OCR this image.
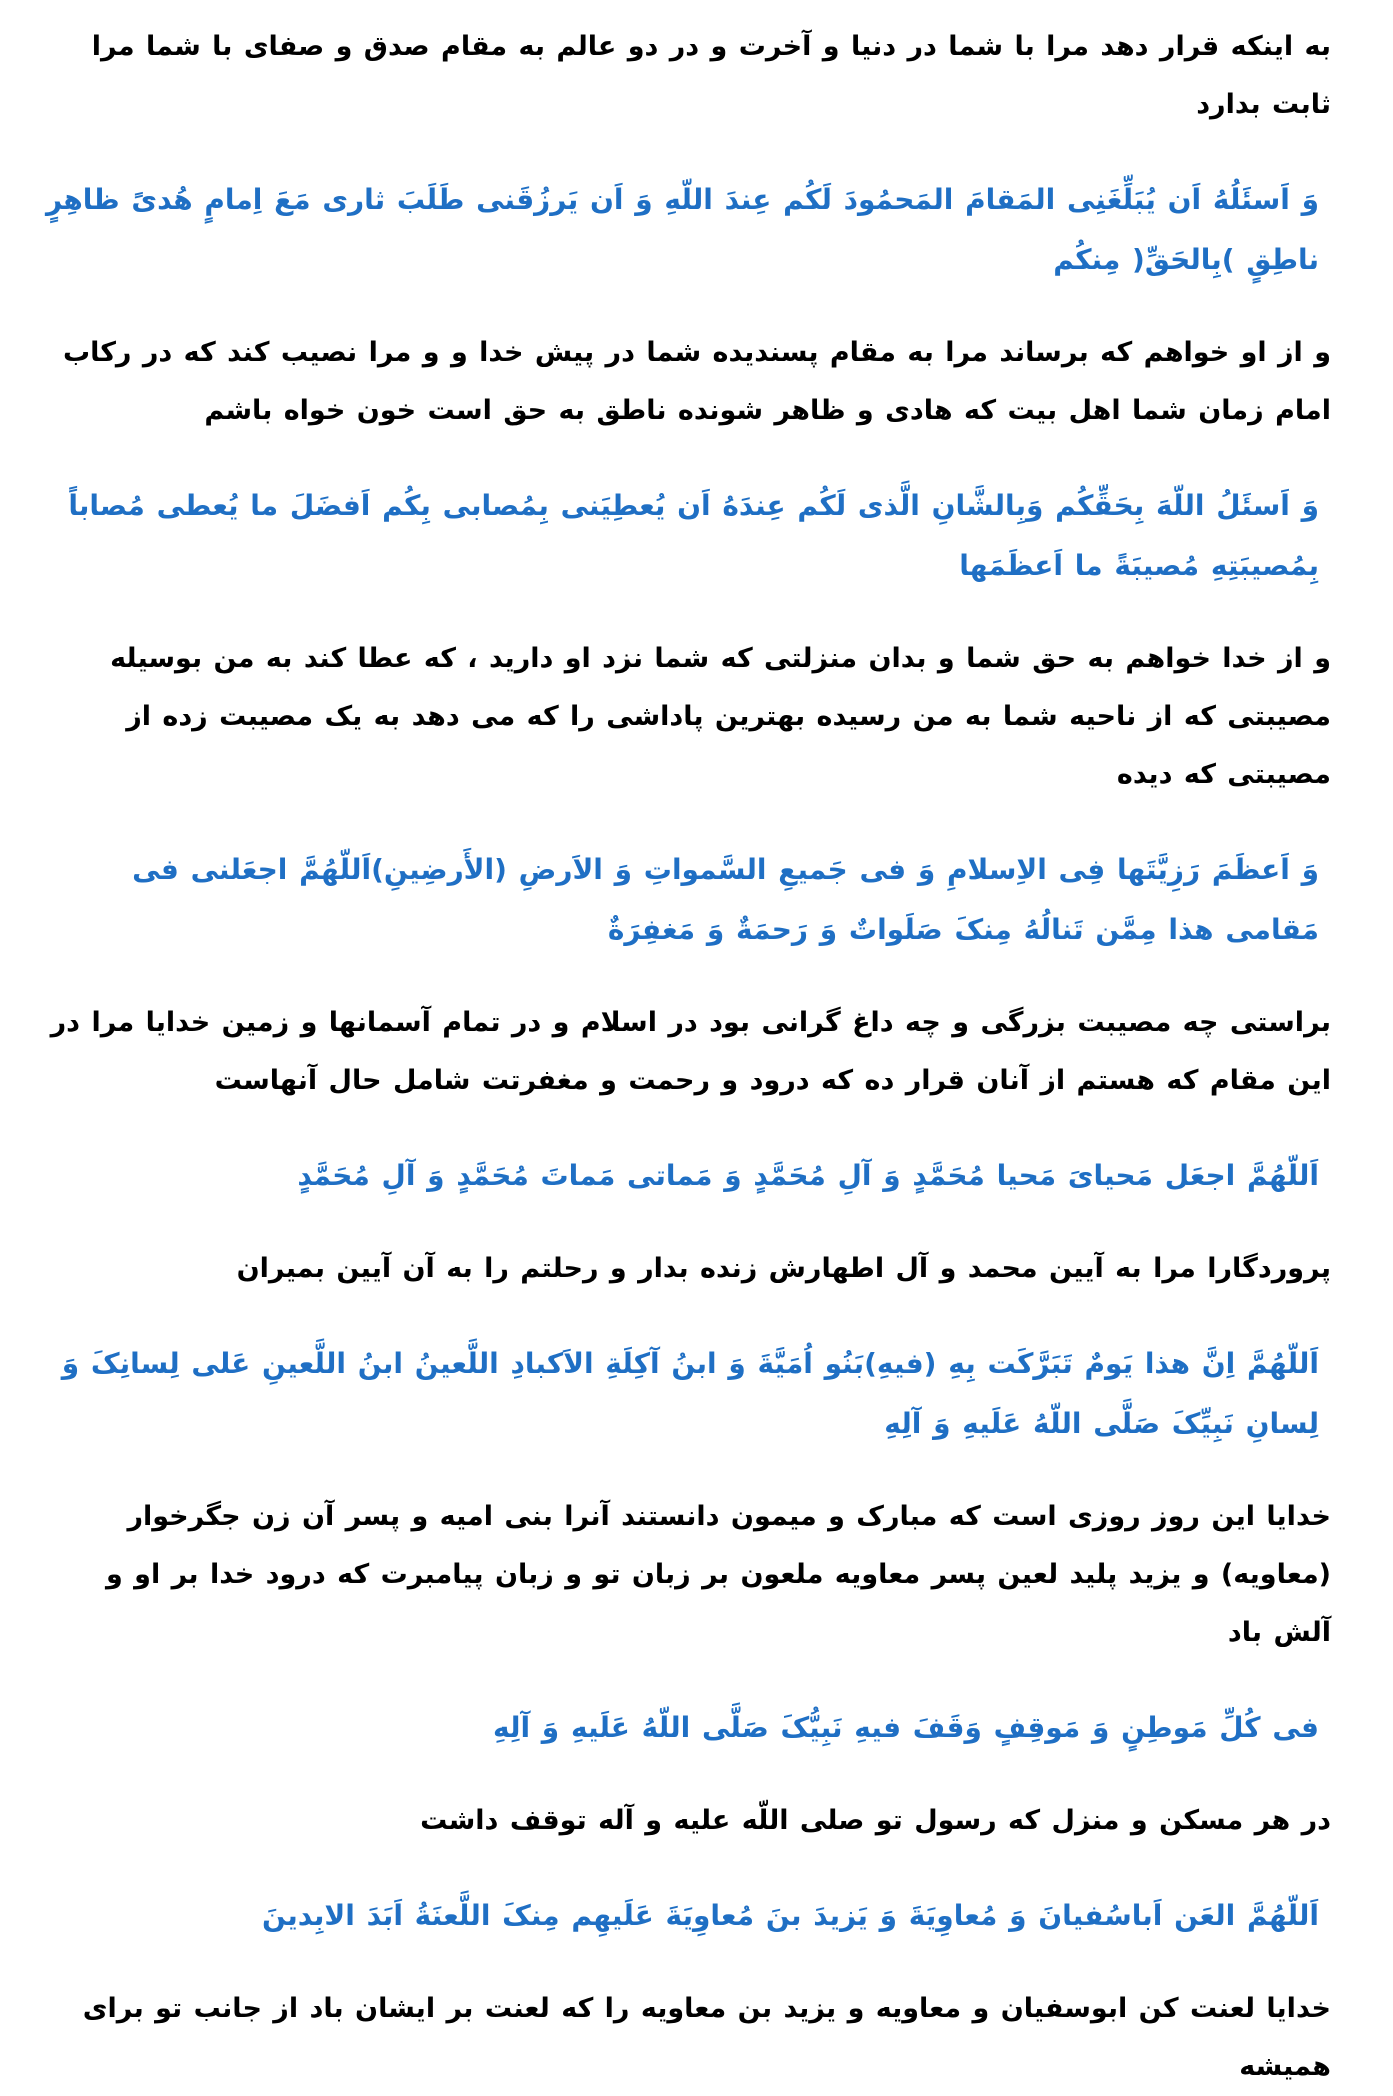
به اینکه قرار دهد مرا با شما در دنیا و آخرت و در دو عالم به مقام صدق و صفای با شما مرا ثابت بدارد

وَ اَسئَلُهُ اَن یُبَلِّغَنِی المَقامَ المَحمُودَ لَکُم عِندَ اللّهِ وَ اَن یَرزُقَنی طَلَبَ ثاری مَعَ اِمامٍ هُدیً ظاهِرٍ ناطِقٍ )بِالحَقِّ( مِنکُم

و از او خواهم که برساند مرا به مقام پسندیده شما در پیش خدا و و مرا نصیب کند که در رکاب امام زمان شما اهل بیت که هادی و ظاهر شونده ناطق به حق است خون خواه باشم

وَ اَسئَلُ اللّهَ بِحَقِّکُم وَبِالشَّانِ الَّذی لَکُم عِندَهُ اَن یُعطِیَنی بِمُصابی بِکُم اَفضَلَ ما یُعطی مُصاباً بِمُصیبَتِهِ مُصیبَةً ما اَعظَمَها

و از خدا خواهم به حق شما و بدان منزلتی که شما نزد او دارید ، که عطا کند به من بوسیله مصیبتی که از ناحیه شما به من رسیده بهترین پاداشی را که می دهد به یک مصیبت زده از مصیبتی که دیده

وَ اَعظَمَ رَزِیَّتَها فِی الاِسلامِ وَ فی جَمیعِ السَّمواتِ وَ الاَرضِ (الأَرضِینِ)اَللّهُمَّ اجعَلنی فی مَقامی هذا مِمَّن تَنالُهُ مِنکَ صَلَواتٌ وَ رَحمَةٌ وَ مَغفِرَةٌ

براستی چه مصیبت بزرگی و چه داغ گرانی بود در اسلام و در تمام آسمانها و زمین خدایا مرا در این مقام که هستم از آنان قرار ده که درود و رحمت و مغفرتت شامل حال آنهاست

اَللّهُمَّ اجعَل مَحیایَ مَحیا مُحَمَّدٍ وَ آلِ مُحَمَّدٍ وَ مَماتی مَماتَ مُحَمَّدٍ وَ آلِ مُحَمَّدٍ

پروردگارا مرا به آیین محمد و آل اطهارش زنده بدار و رحلتم را به آن آیین بمیران

اَللّهُمَّ اِنَّ هذا یَومٌ تَبَرَّکَت بِهِ (فیهِ)بَنُو اُمَیَّةَ وَ ابنُ آکِلَةِ الاَکبادِ اللَّعینُ ابنُ اللَّعینِ عَلی لِسانِکَ وَ لِسانِ نَبِیِّکَ صَلَّی اللّهُ عَلَیهِ وَ آلِهِ

خدایا این روز روزی است که مبارک و میمون دانستند آنرا بنی امیه و پسر آن زن جگرخوار (معاویه) و یزید پلید لعین پسر معاویه ملعون بر زبان تو و زبان پیامبرت که درود خدا بر او و آلش باد

فی کُلِّ مَوطِنٍ وَ مَوقِفٍ وَقَفَ فیهِ نَبِیُّکَ صَلَّی اللّهُ عَلَیهِ وَ آلِهِ

در هر مسکن و منزل که رسول تو صلی اللّه علیه و آله توقف داشت

اَللّهُمَّ العَن اَباسُفیانَ وَ مُعاوِیَةَ وَ یَزیدَ بنَ مُعاوِیَةَ عَلَیهِم مِنکَ اللَّعنَةُ اَبَدَ الابِدینَ

خدایا لعنت کن ابوسفیان و معاویه و یزید بن معاویه را که لعنت بر ایشان باد از جانب تو برای همیشه
